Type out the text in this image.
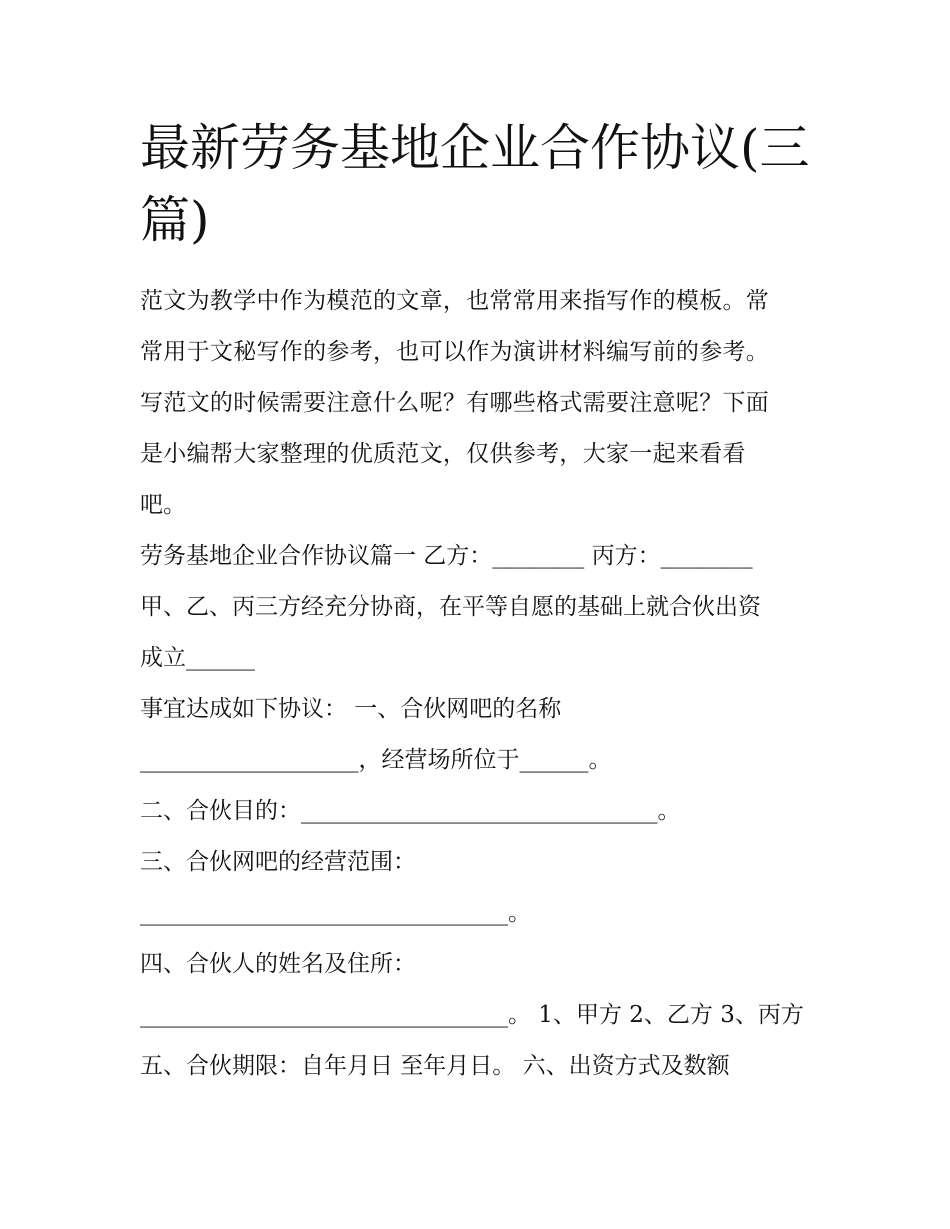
最新劳务基地企业合作协议(三
篇)
范文为教学中作为模范的文章，也常常用来指写作的模板。常
常用于文秘写作的参考，也可以作为演讲材料编写前的参考。
写范文的时候需要注意什么呢？有哪些格式需要注意呢？下面
是小编帮大家整理的优质范文，仅供参考，大家一起来看看
吧。
劳务基地企业合作协议篇一 乙方：________ 丙方：________
甲、乙、丙三方经充分协商，在平等自愿的基础上就合伙出资
成立______
事宜达成如下协议： 一、合伙网吧的名称
___________________，经营场所位于______。
二、合伙目的：_______________________________。
三、合伙网吧的经营范围：
________________________________。
四、合伙人的姓名及住所：
________________________________。 1、甲方 2、乙方 3、丙方
五、合伙期限：自年月日 至年月日。 六、出资方式及数额
